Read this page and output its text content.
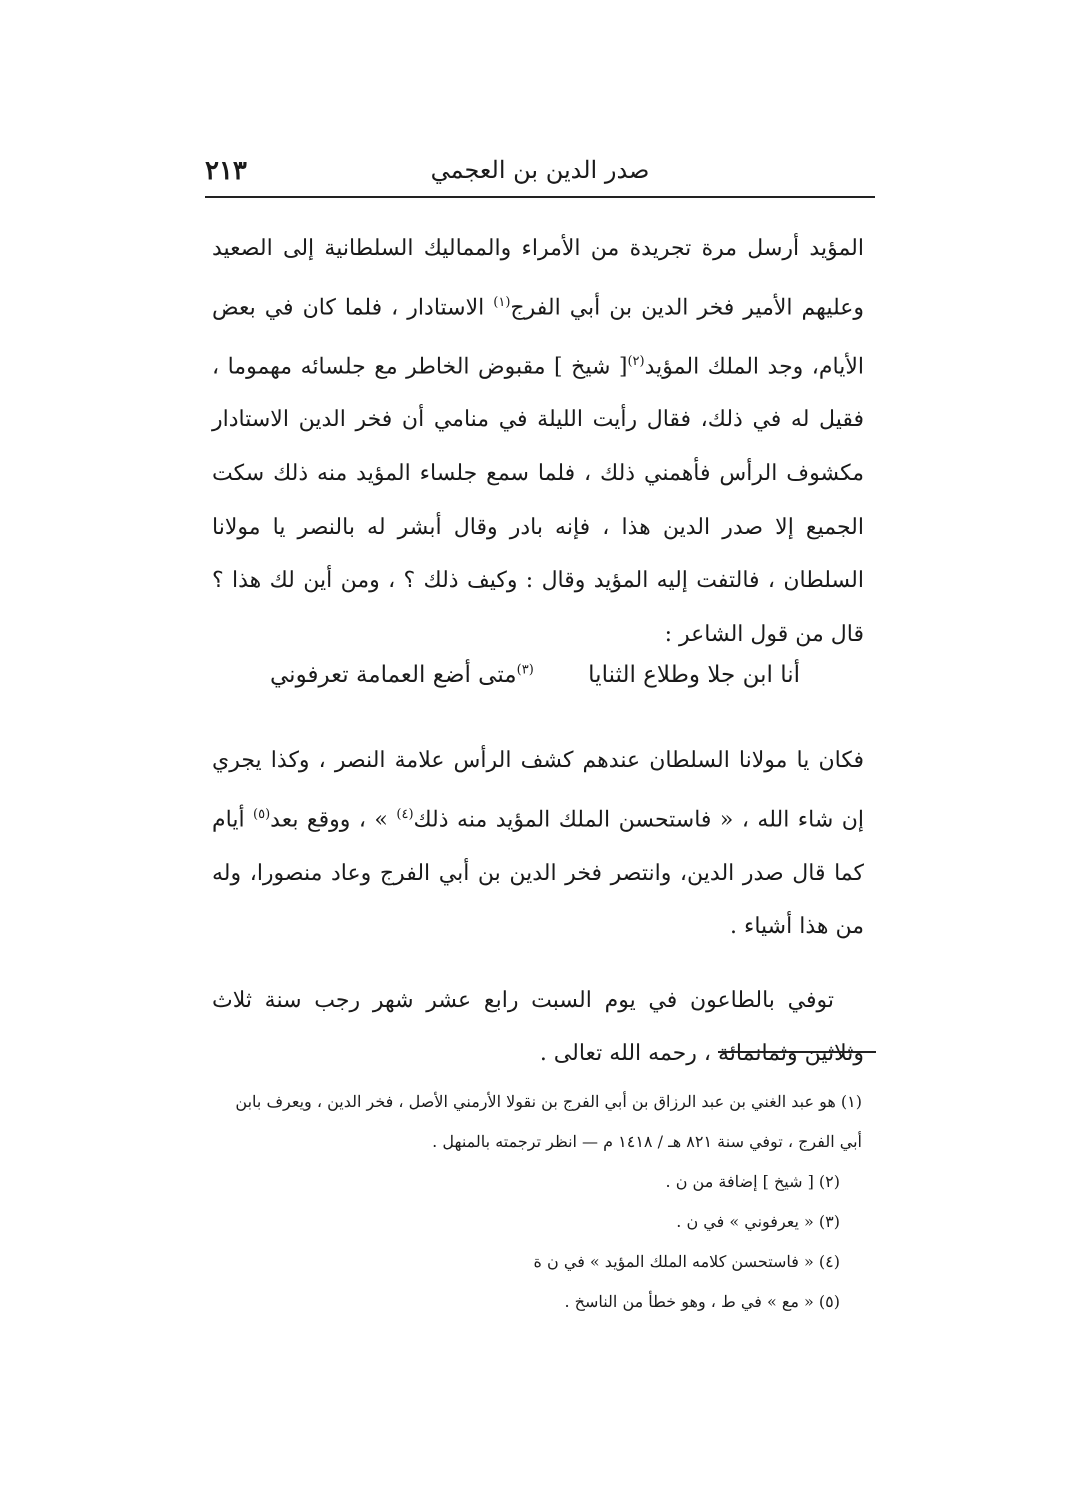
صدر الدين بن العجمي
٢١٣

المؤيد أرسل مرة تجريدة من الأمراء والمماليك السلطانية إلى الصعيد وعليهم الأمير فخر الدين بن أبي الفرج$^{(١)}$ الاستادار ، فلما كان في بعض الأيام، وجد الملك المؤيد$^{(٢)}$[ شيخ ] مقبوض الخاطر مع جلسائه مهموما ، فقيل له في ذلك، فقال رأيت الليلة في منامي أن فخر الدين الاستادار مكشوف الرأس فأهمني ذلك ، فلما سمع جلساء المؤيد منه ذلك سكت الجميع إلا صدر الدين هذا ، فإنه بادر وقال أبشر له بالنصر يا مولانا السلطان ، فالتفت إليه المؤيد وقال : وكيف ذلك ؟ ، ومن أين لك هذا ؟ قال من قول الشاعر :

أنا ابن جلا وطلاع الثنايا
$^{(٣)}$متى أضع العمامة تعرفوني

فكان يا مولانا السلطان عندهم كشف الرأس علامة النصر ، وكذا يجري إن شاء الله ، « فاستحسن الملك المؤيد منه ذلك$^{(٤)}$ » ، ووقع بعد$^{(٥)}$ أيام كما قال صدر الدين، وانتصر فخر الدين بن أبي الفرج وعاد منصورا، وله من هذا أشياء .

توفي بالطاعون في يوم السبت رابع عشر شهر رجب سنة ثلاث وثلاثين وثمانمائة ، رحمه الله تعالى .

(١) هو عبد الغني بن عبد الرزاق بن أبي الفرج بن نقولا الأرمني الأصل ، فخر الدين ، ويعرف بابن أبي الفرج ، توفي سنة ٨٢١ هـ / ١٤١٨ م — انظر ترجمته بالمنهل .

(٢) [ شيخ ] إضافة من ن .

(٣) « يعرفوني » في ن .

(٤) « فاستحسن كلامه الملك المؤيد » في ن ة

(٥) « مع » في ط ، وهو خطأ من الناسخ .
